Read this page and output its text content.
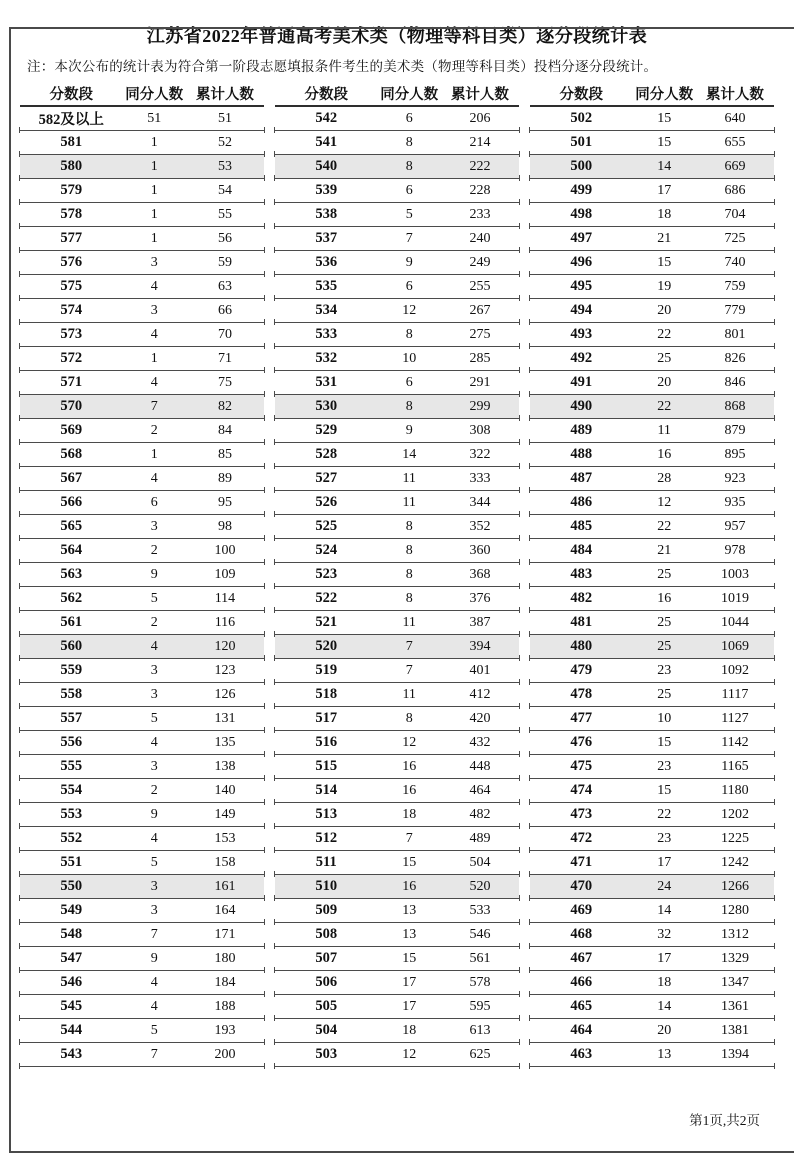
江苏省2022年普通高考美术类（物理等科目类）逐分段统计表
注：本次公布的统计表为符合第一阶段志愿填报条件考生的美术类（物理等科目类）投档分逐分段统计。
分数段	同分人数 累计人数
582及以上	51	51
581	1	52
580	1	53
579	1	54
578	1	55
577	1	56
576	3	59
575	4	63
574	3	66
573	4	70
572	1	71
571	4	75
570	7	82
569	2	84
568	1	85
567	4	89
566	6	95
565	3	98
564	2	100
563	9	109
562	5	114
561	2	116
560	4	120
559	3	123
558	3	126
557	5	131
556	4	135
555	3	138
554	2	140
553	9	149
552	4	153
551	5	158
550	3	161
549	3	164
548	7	171
547	9	180
546	4	184
545	4	188
544	5	193
543	7	200
分数段	同分人数 累计人数
542	6	206
541	8	214
540	8	222
539	6	228
538	5	233
537	7	240
536	9	249
535	6	255
534	12	267
533	8	275
532	10	285
531	6	291
530	8	299
529	9	308
528	14	322
527	11	333
526	11	344
525	8	352
524	8	360
523	8	368
522	8	376
521	11	387
520	7	394
519	7	401
518	11	412
517	8	420
516	12	432
515	16	448
514	16	464
513	18	482
512	7	489
511	15	504
510	16	520
509	13	533
508	13	546
507	15	561
506	17	578
505	17	595
504	18	613
503	12	625
分数段	同分人数 累计人数
502	15	640
501	15	655
500	14	669
499	17	686
498	18	704
497	21	725
496	15	740
495	19	759
494	20	779
493	22	801
492	25	826
491	20	846
490	22	868
489	11	879
488	16	895
487	28	923
486	12	935
485	22	957
484	21	978
483	25	1003
482	16	1019
481	25	1044
480	25	1069
479	23	1092
478	25	1117
477	10	1127
476	15	1142
475	23	1165
474	15	1180
473	22	1202
472	23	1225
471	17	1242
470	24	1266
469	14	1280
468	32	1312
467	17	1329
466	18	1347
465	14	1361
464	20	1381
463	13	1394
第1页,共2页
